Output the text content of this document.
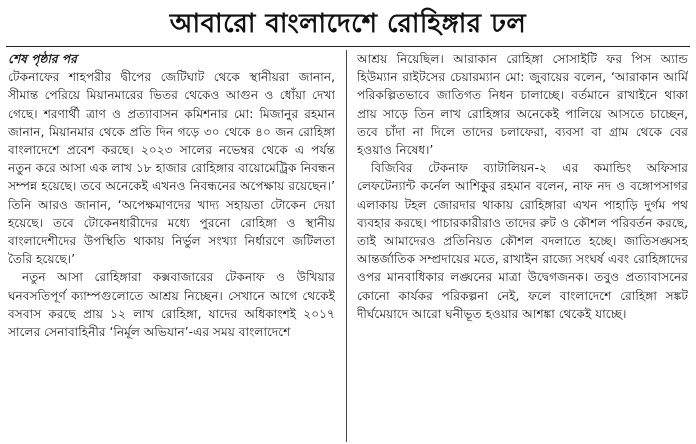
আবারো বাংলাদেশে রোহিঙ্গার ঢল

শেষ পৃষ্ঠার পর
টেকনাফের শাহপরীর দ্বীপের জেটিঘাট থেকে স্থানীয়রা জানান, সীমান্ত পেরিয়ে মিয়ানমারের ভিতর থেকেও আগুন ও ধোঁয়া দেখা গেছে। শরণার্থী ত্রাণ ও প্রত্যাবাসন কমিশনার মো: মিজানুর রহমান জানান, মিয়ানমার থেকে প্রতি দিন গড়ে ৩০ থেকে ৪০ জন রোহিঙ্গা বাংলাদেশে প্রবেশ করছে। ২০২৩ সালের নভেম্বর থেকে এ পর্যন্ত নতুন করে আসা এক লাখ ১৮ হাজার রোহিঙ্গার বায়োমেট্রিক নিবন্ধন সম্পন্ন হয়েছে। তবে অনেকেই এখনও নিবন্ধনের অপেক্ষায় রয়েছেন।’ তিনি আরও জানান, ‘অপেক্ষমাণদের খাদ্য সহায়তা টোকেন দেয়া হয়েছে। তবে টোকেনধারীদের মধ্যে পুরনো রোহিঙ্গা ও স্থানীয় বাংলাদেশীদের উপস্থিতি থাকায় নির্ভুল সংখ্যা নির্ধারণে জটিলতা তৈরি হয়েছে।’

নতুন আসা রোহিঙ্গারা কক্সবাজারের টেকনাফ ও উখিয়ার ঘনবসতিপূর্ণ ক্যাম্পগুলোতে আশ্রয় নিচ্ছেন। সেখানে আগে থেকেই বসবাস করছে প্রায় ১২ লাখ রোহিঙ্গা, যাদের অধিকাংশই ২০১৭ সালের সেনাবাহিনীর ‘নির্মূল অভিযান’-এর সময় বাংলাদেশে

আশ্রয় নিয়েছিল। আরাকান রোহিঙ্গা সোসাইটি ফর পিস অ্যান্ড হিউম্যান রাইটসের চেয়ারম্যান মো: জুবায়ের বলেন, ‘আরাকান আর্মি পরিকল্পিতভাবে জাতিগত নিধন চালাচ্ছে। বর্তমানে রাখাইনে থাকা প্রায় সাড়ে তিন লাখ রোহিঙ্গার অনেকেই পালিয়ে আসতে চাচ্ছেন, তবে চাঁদা না দিলে তাদের চলাফেরা, ব্যবসা বা গ্রাম থেকে বের হওয়াও নিষেধ।’

বিজিবির টেকনাফ ব্যাটালিয়ন-২ এর কমান্ডিং অফিসার লেফটেন্যান্ট কর্নেল আশিকুর রহমান বলেন, নাফ নদ ও বঙ্গোপসাগর এলাকায় টহল জোরদার থাকায় রোহিঙ্গারা এখন পাহাড়ি দুর্গম পথ ব্যবহার করছে। পাচারকারীরাও তাদের রুট ও কৌশল পরিবর্তন করছে, তাই আমাদেরও প্রতিনিয়ত কৌশল বদলাতে হচ্ছে। জাতিসঙ্ঘসহ আন্তর্জাতিক সম্প্রদায়ের মতে, রাখাইন রাজ্যে সংঘর্ষ এবং রোহিঙ্গাদের ওপর মানবাধিকার লঙ্ঘনের মাত্রা উদ্বেগজনক। তবুও প্রত্যাবাসনের কোনো কার্যকর পরিকল্পনা নেই, ফলে বাংলাদেশে রোহিঙ্গা সঙ্কট দীর্ঘমেয়াদে আরো ঘনীভূত হওয়ার আশঙ্কা থেকেই যাচ্ছে।
